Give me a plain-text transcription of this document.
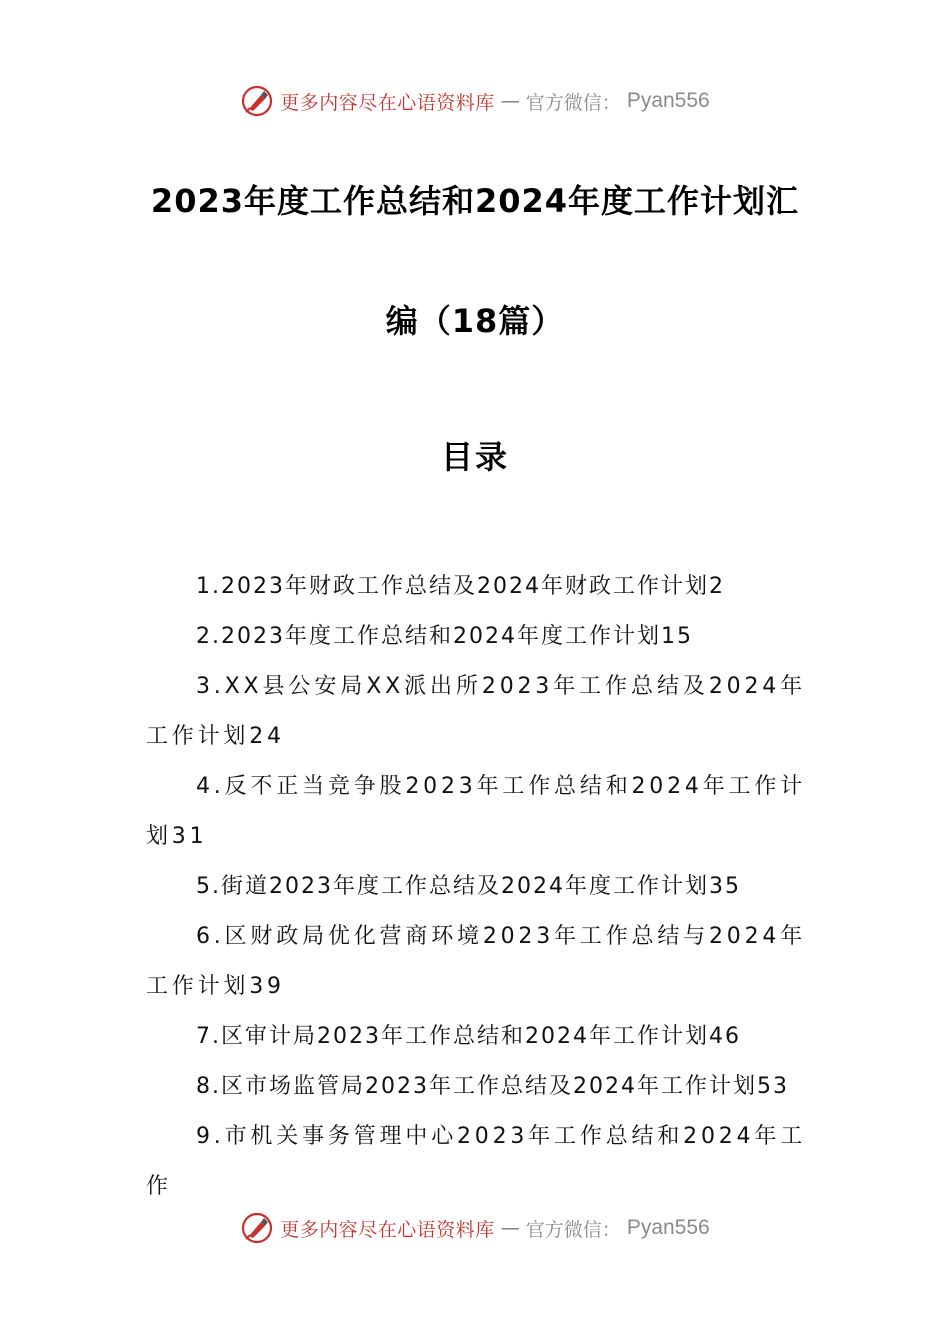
更多内容尽在心语资料库 — 官方微信： Pyan556
2023年度工作总结和2024年度工作计划汇
编（18篇）
目录

1.2023年财政工作总结及2024年财政工作计划2

2.2023年度工作总结和2024年度工作计划15

3.XX县公安局XX派出所2023年工作总结及2024年工作计划24

4.反不正当竞争股2023年工作总结和2024年工作计划31

5.街道2023年度工作总结及2024年度工作计划35

6.区财政局优化营商环境2023年工作总结与2024年工作计划39

7.区审计局2023年工作总结和2024年工作计划46

8.区市场监管局2023年工作总结及2024年工作计划53

9.市机关事务管理中心2023年工作总结和2024年工作

更多内容尽在心语资料库 — 官方微信： Pyan556
